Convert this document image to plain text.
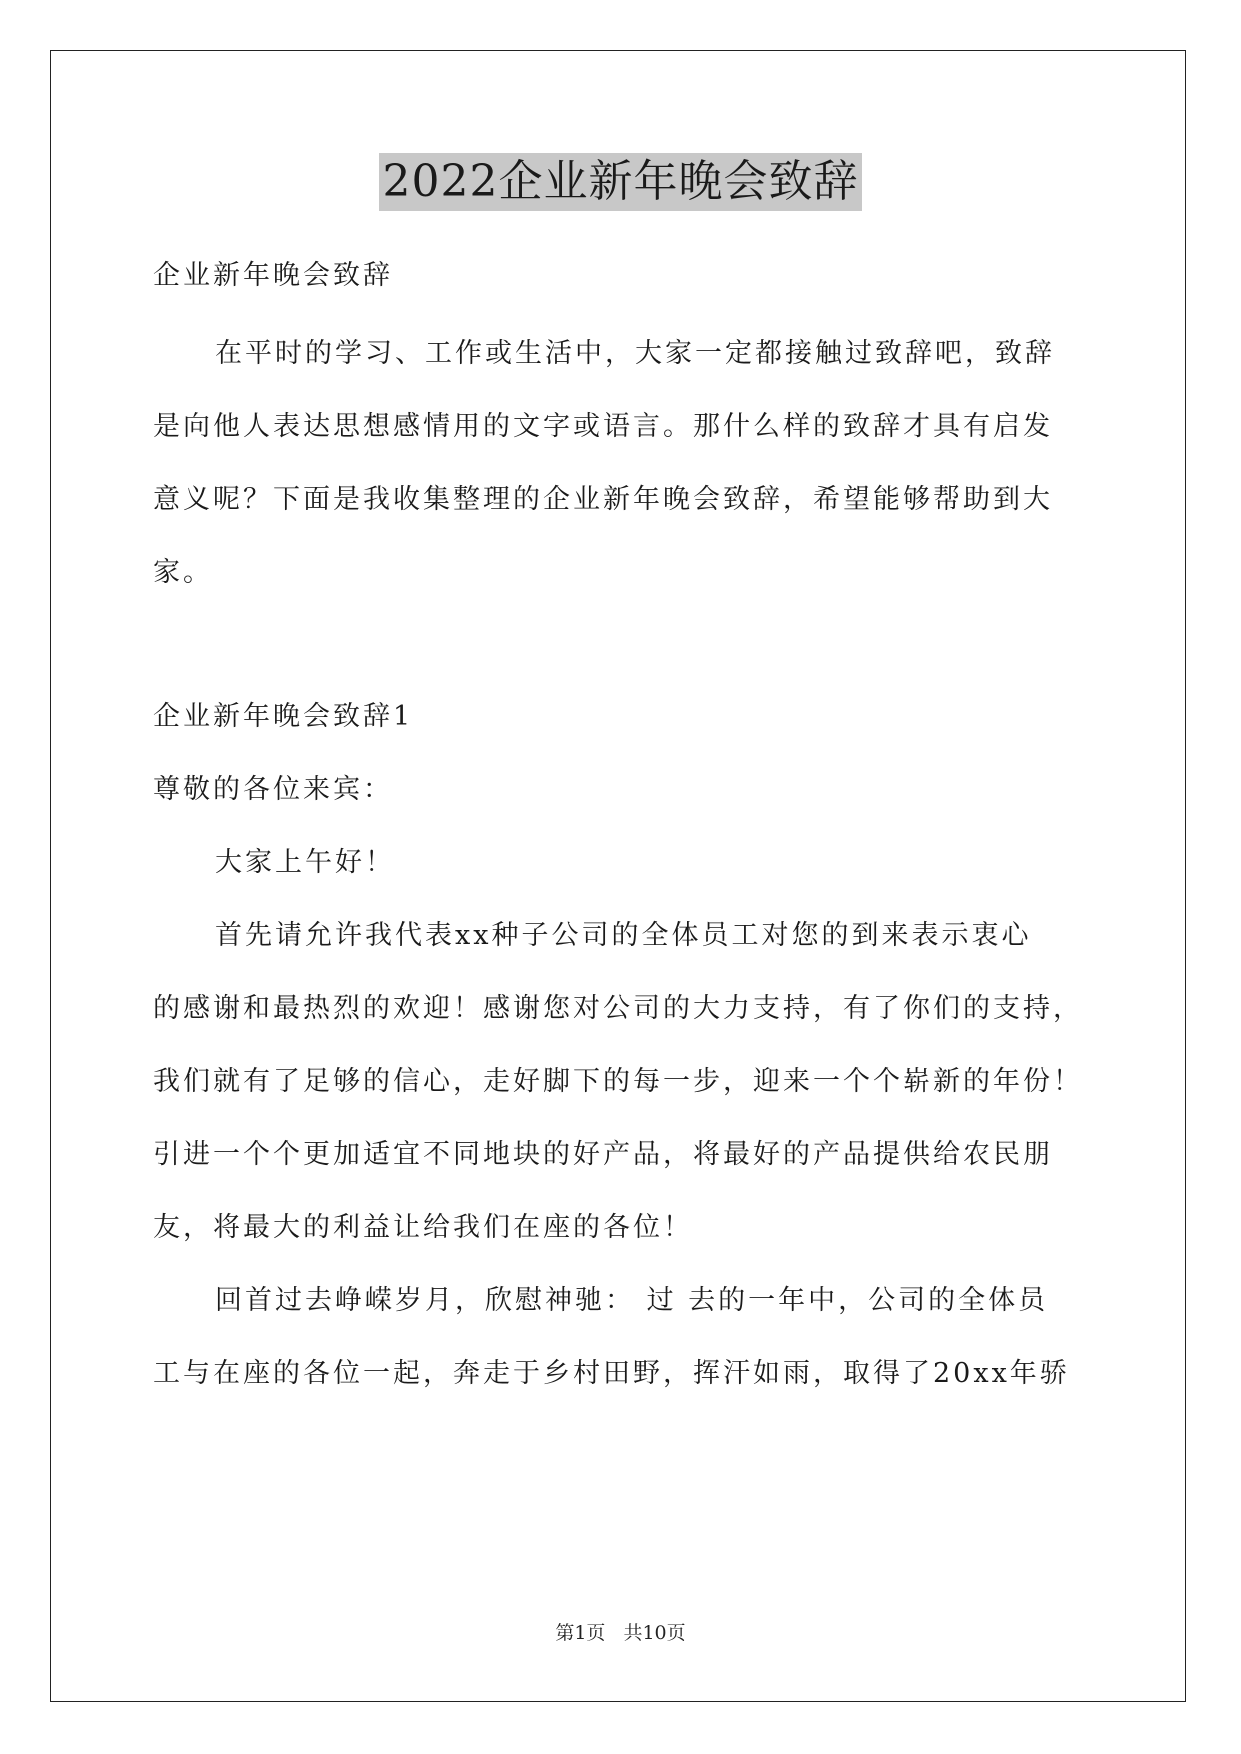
2022企业新年晚会致辞
企业新年晚会致辞
在平时的学习、工作或生活中，大家一定都接触过致辞吧，致辞
是向他人表达思想感情用的文字或语言。那什么样的致辞才具有启发
意义呢？下面是我收集整理的企业新年晚会致辞，希望能够帮助到大
家。
企业新年晚会致辞1
尊敬的各位来宾：
大家上午好！
首先请允许我代表xx种子公司的全体员工对您的到来表示衷心
的感谢和最热烈的欢迎！感谢您对公司的大力支持，有了你们的支持，
我们就有了足够的信心，走好脚下的每一步，迎来一个个崭新的年份！
引进一个个更加适宜不同地块的好产品，将最好的产品提供给农民朋
友，将最大的利益让给我们在座的各位！
回首过去峥嵘岁月，欣慰神驰： 过 去的一年中，公司的全体员
工与在座的各位一起，奔走于乡村田野，挥汗如雨，取得了20xx年骄
第1页 共10页
